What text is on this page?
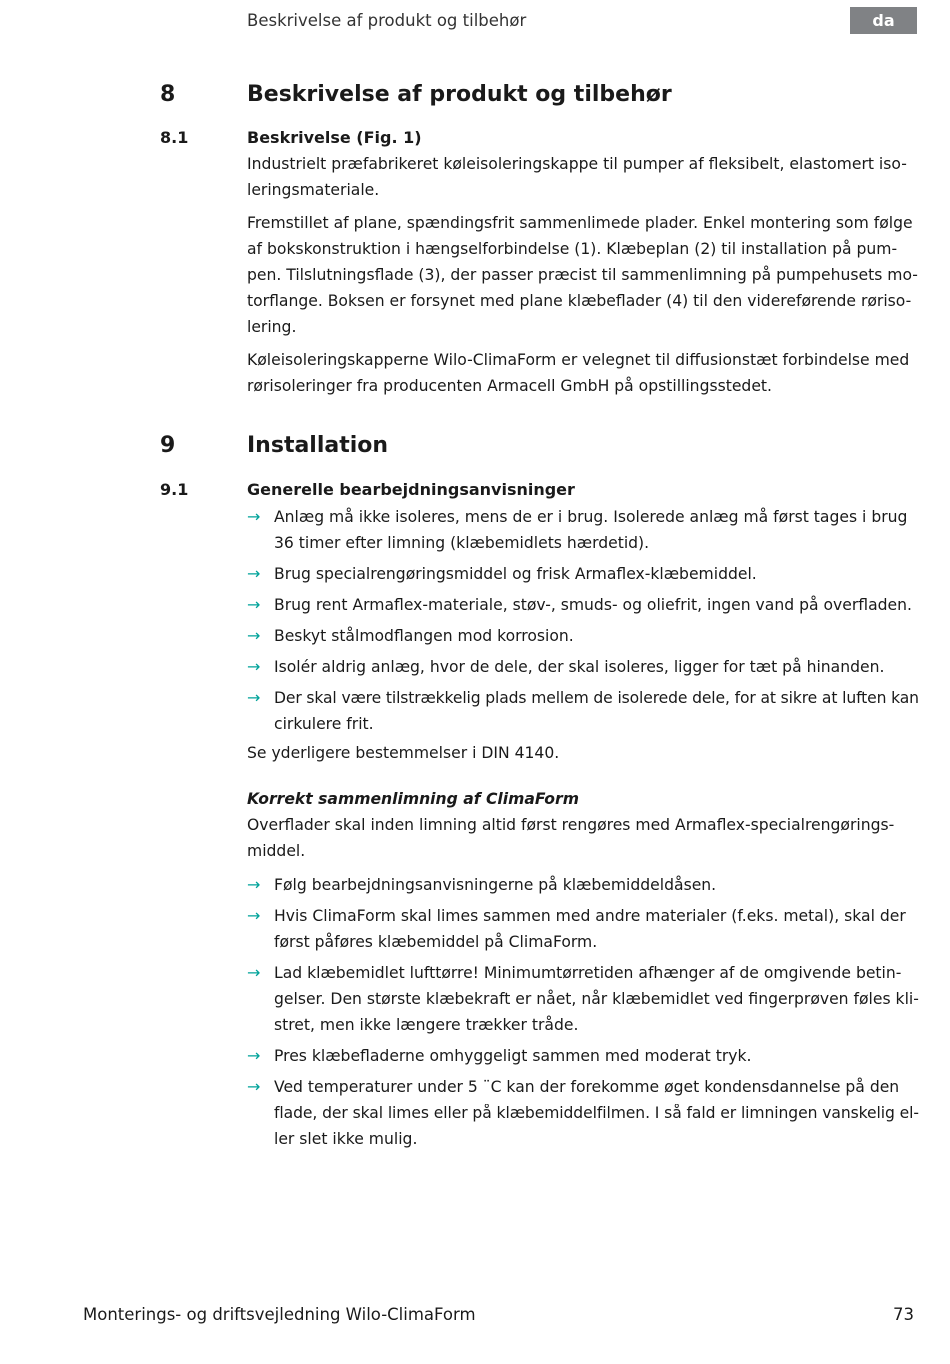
Beskrivelse af produkt og tilbehør	da
8	Beskrivelse af produkt og tilbehør
8.1	Beskrivelse (Fig. 1)

Industrielt præfabrikeret køleisoleringskappe til pumper af fleksibelt, elastomert iso-
leringsmateriale.

Fremstillet af plane, spændingsfrit sammenlimede plader. Enkel montering som følge
af bokskonstruktion i hængselforbindelse (1). Klæbeplan (2) til installation på pum-
pen. Tilslutningsflade (3), der passer præcist til sammenlimning på pumpehusets mo-
torflange. Boksen er forsynet med plane klæbeflader (4) til den videreførende røriso-
lering.

Køleisoleringskapperne Wilo-ClimaForm er velegnet til diffusionstæt forbindelse med
rørisoleringer fra producenten Armacell GmbH på opstillingsstedet.

9	Installation
9.1	Generelle bearbejdningsanvisninger
→ Anlæg må ikke isoleres, mens de er i brug. Isolerede anlæg må først tages i brug
36 timer efter limning (klæbemidlets hærdetid).
→ Brug specialrengøringsmiddel og frisk Armaflex-klæbemiddel.
→ Brug rent Armaflex-materiale, støv-, smuds- og oliefrit, ingen vand på overfladen.
→ Beskyt stålmodflangen mod korrosion.
→ Isolér aldrig anlæg, hvor de dele, der skal isoleres, ligger for tæt på hinanden.
→ Der skal være tilstrækkelig plads mellem de isolerede dele, for at sikre at luften kan
cirkulere frit.
Se yderligere bestemmelser i DIN 4140.
Korrekt sammenlimning af ClimaForm
Overflader skal inden limning altid først rengøres med Armaflex-specialrengørings-
middel.
→ Følg bearbejdningsanvisningerne på klæbemiddeldåsen.
→ Hvis ClimaForm skal limes sammen med andre materialer (f.eks. metal), skal der
først påføres klæbemiddel på ClimaForm.
→ Lad klæbemidlet lufttørre! Minimumtørretiden afhænger af de omgivende betin-
gelser. Den største klæbekraft er nået, når klæbemidlet ved fingerprøven føles kli-
stret, men ikke længere trækker tråde.
→ Pres klæbefladerne omhyggeligt sammen med moderat tryk.
→ Ved temperaturer under 5 ¨C kan der forekomme øget kondensdannelse på den
flade, der skal limes eller på klæbemiddelfilmen. I så fald er limningen vanskelig el-
ler slet ikke mulig.
Monterings- og driftsvejledning Wilo-ClimaForm	73
